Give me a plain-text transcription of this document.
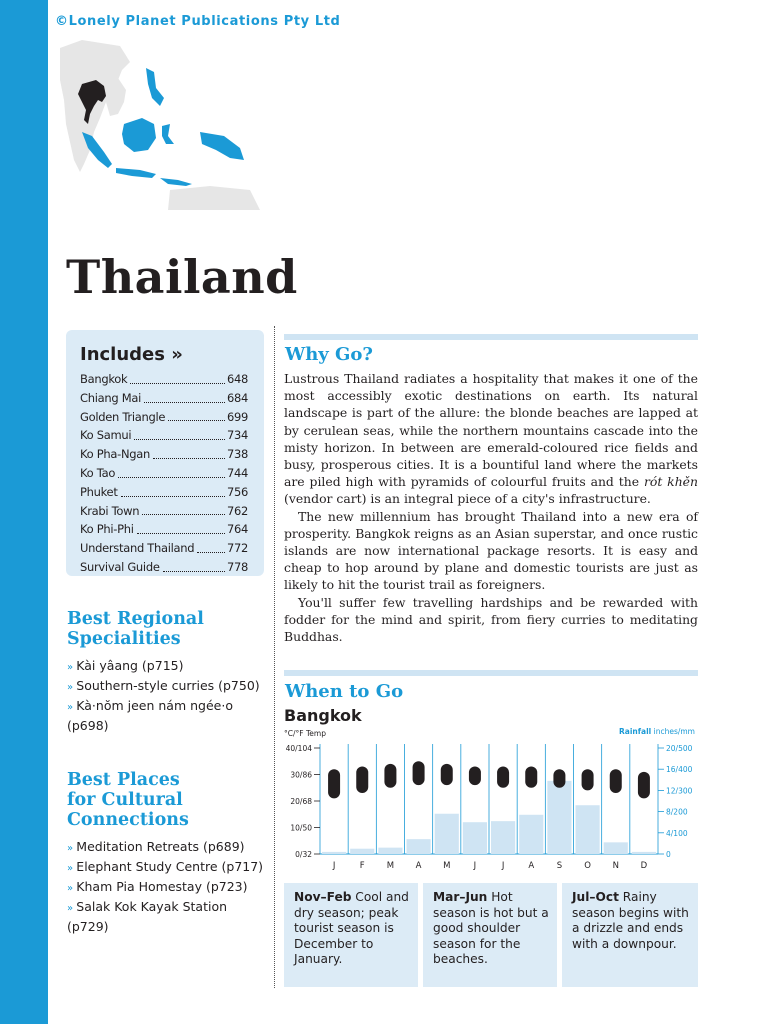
©Lonely Planet Publications Pty Ltd
Thailand
Includes »
Bangkok	648
Chiang Mai	684
Golden Triangle	699
Ko Samui	734
Ko Pha-Ngan	738
Ko Tao	744
Phuket	756
Krabi Town	762
Ko Phi-Phi	764
Understand Thailand	772
Survival Guide	778
Best Regional
Specialities
» Kài yâang (p715)
» Southern-style curries (p750)
» Kà·nŏm jeen nám ngée·o (p698)
Best Places
for Cultural
Connections
» Meditation Retreats (p689)
» Elephant Study Centre (p717)
» Kham Pia Homestay (p723)
» Salak Kok Kayak Station (p729)
Why Go?

Lustrous Thailand radiates a hospitality that makes it one of the most accessibly exotic destinations on earth. Its natural landscape is part of the allure: the blonde beaches are lapped at by cerulean seas, while the northern mountains cascade into the misty horizon. In between are emerald-coloured rice fields and busy, prosperous cities. It is a bountiful land where the markets are piled high with pyramids of colourful fruits and the rót khěn (vendor cart) is an integral piece of a city's infrastructure.

The new millennium has brought Thailand into a new era of prosperity. Bangkok reigns as an Asian superstar, and once rustic islands are now international package resorts. It is easy and cheap to hop around by plane and domestic tourists are just as likely to hit the tourist trail as foreigners.

You'll suffer few travelling hardships and be rewarded with fodder for the mind and spirit, from fiery curries to meditating Buddhas.

When to Go
Bangkok
°C/°F Temp	Rainfall inches/mm
40/104
30/86
20/68
10/50
0/32
20/500
16/400
12/300
8/200
4/100
0
J	F	M	A	M	J	J	A	S	O	N	D
Nov–Feb Cool and dry season; peak tourist season is December to January.
Mar–Jun Hot season is hot but a good shoulder season for the beaches.
Jul–Oct Rainy season begins with a drizzle and ends with a downpour.
